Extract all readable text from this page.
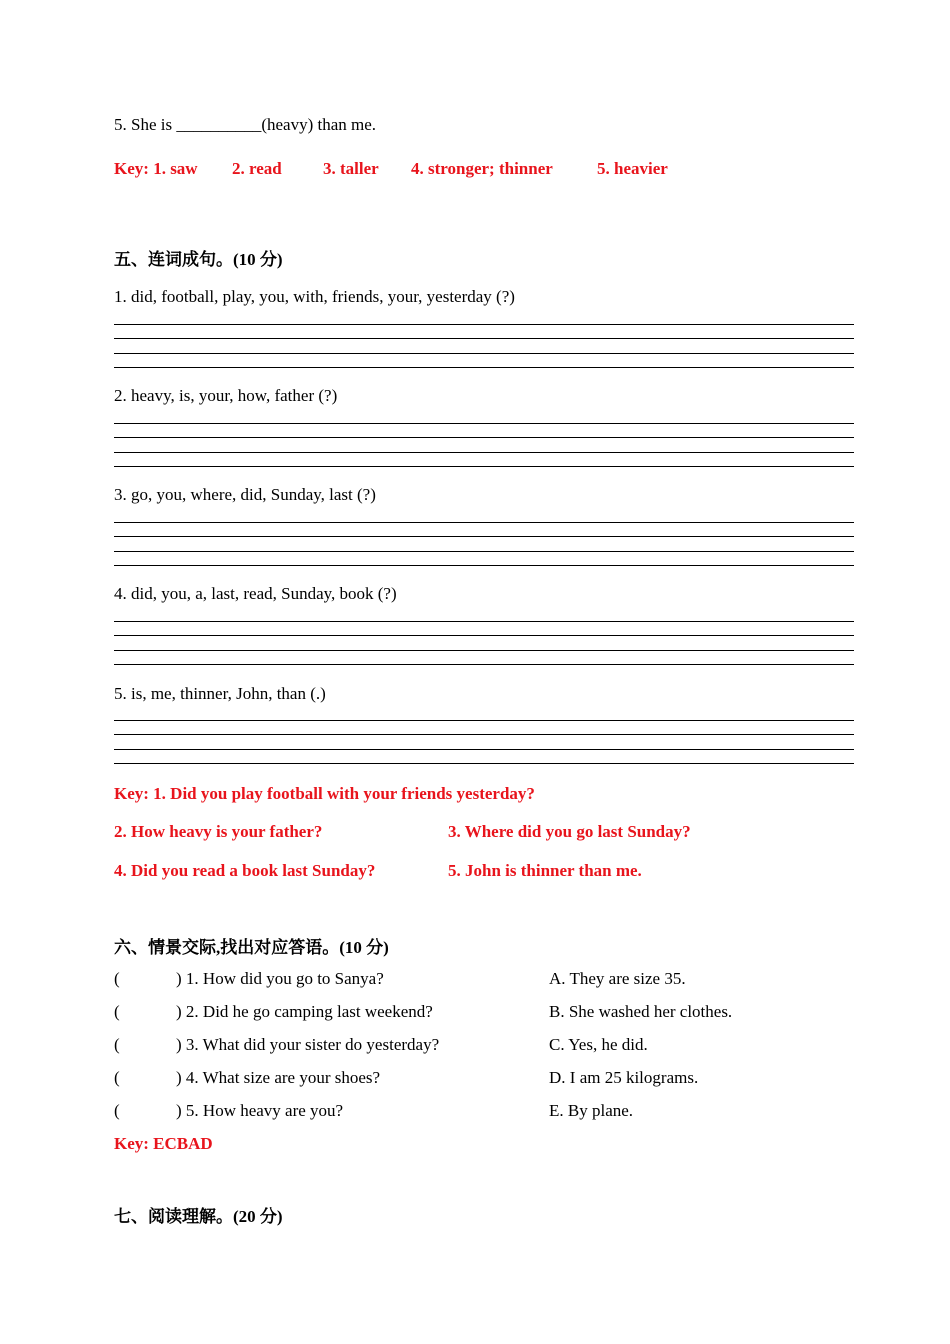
5. She is __________(heavy) than me.
Key: 1. saw 2. read 3. taller 4. stronger; thinner	5. heavier
五、连词成句。(10 分)
1. did, football, play, you, with, friends, your, yesterday (?)
2. heavy, is, your, how, father (?)
3. go, you, where, did, Sunday, last (?)
4. did, you, a, last, read, Sunday, book (?)
5. is, me, thinner, John, than (.)
Key: 1. Did you play football with your friends yesterday?
2. How heavy is your father?	3. Where did you go last Sunday?
4. Did you read a book last Sunday?	5. John is thinner than me.
六、情景交际,找出对应答语。(10 分)
(	) 1. How did you go to Sanya?	A. They are size 35.
(	) 2. Did he go camping last weekend?	B. She washed her clothes.
(	) 3. What did your sister do yesterday?	C. Yes, he did.
(	) 4. What size are your shoes?	D. I am 25 kilograms.
(	) 5. How heavy are you?	E. By plane.
Key: ECBAD
七、阅读理解。(20 分)
